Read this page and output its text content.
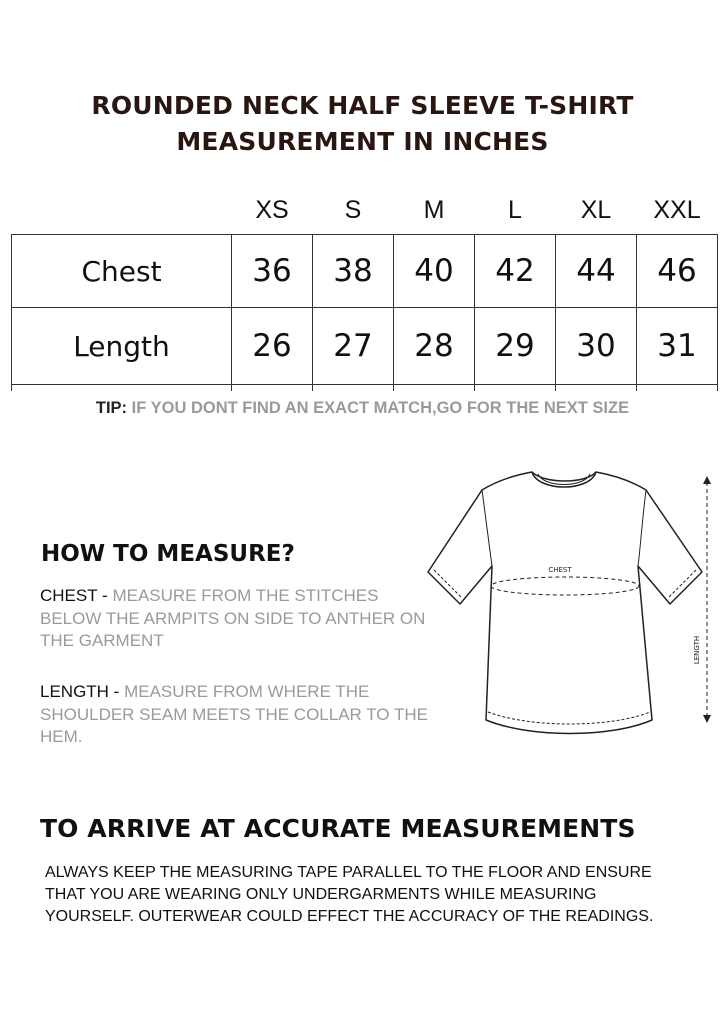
ROUNDED NECK HALF SLEEVE T-SHIRT
MEASUREMENT IN INCHES
XS	S	M	L	XL	XXL
Chest	36	38	40	42	44	46
Length	26	27	28	29	30	31

TIP: IF YOU DONT FIND AN EXACT MATCH,GO FOR THE NEXT SIZE
HOW TO MEASURE?
CHEST - MEASURE FROM THE STITCHES BELOW THE ARMPITS ON SIDE TO ANTHER ON THE GARMENT
LENGTH - MEASURE FROM WHERE THE SHOULDER SEAM MEETS THE COLLAR TO THE HEM.
CHEST
LENGTH
TO ARRIVE AT ACCURATE MEASUREMENTS
ALWAYS KEEP THE MEASURING TAPE PARALLEL TO THE FLOOR AND ENSURE THAT YOU ARE WEARING ONLY UNDERGARMENTS WHILE MEASURING YOURSELF. OUTERWEAR COULD EFFECT THE ACCURACY OF THE READINGS.
